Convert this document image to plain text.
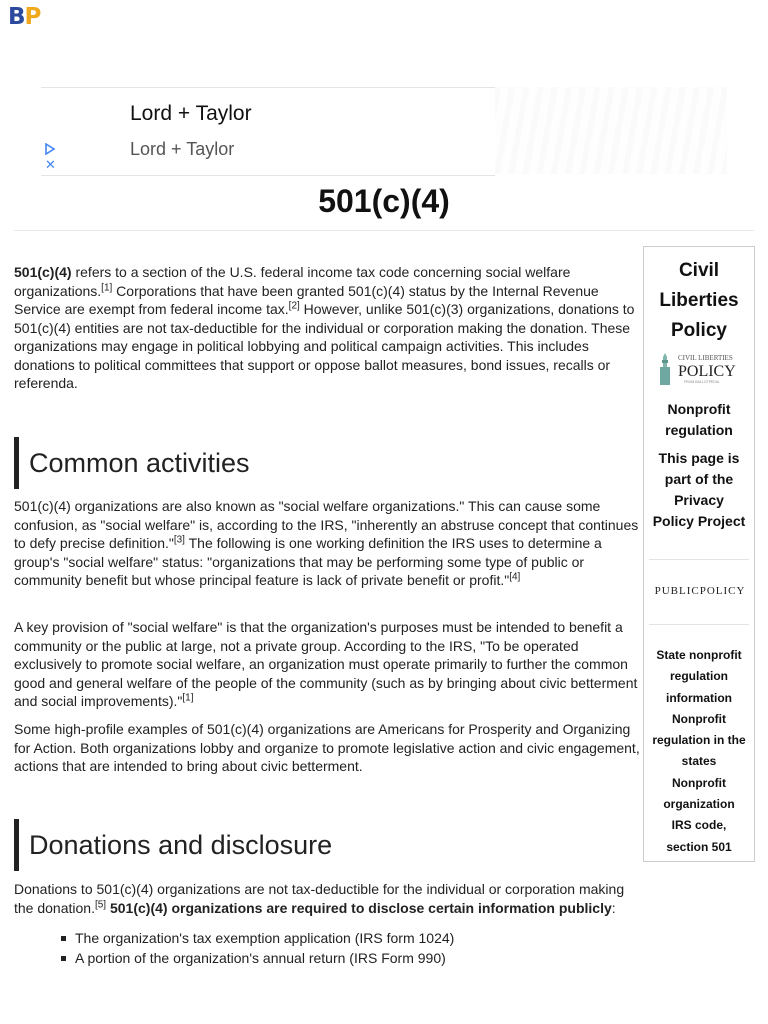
BP
Lord + Taylor
Lord + Taylor
✕
501(c)(4)

501(c)(4) refers to a section of the U.S. federal income tax code concerning social welfare organizations.[1] Corporations that have been granted 501(c)(4) status by the Internal Revenue Service are exempt from federal income tax.[2] However, unlike 501(c)(3) organizations, donations to 501(c)(4) entities are not tax-deductible for the individual or corporation making the donation. These organizations may engage in political lobbying and political campaign activities. This includes donations to political committees that support or oppose ballot measures, bond issues, recalls or referenda.

Common activities

501(c)(4) organizations are also known as "social welfare organizations." This can cause some confusion, as "social welfare" is, according to the IRS, "inherently an abstruse concept that continues to defy precise definition."[3] The following is one working definition the IRS uses to determine a group's "social welfare" status: "organizations that may be performing some type of public or community benefit but whose principal feature is lack of private benefit or profit."[4]

A key provision of "social welfare" is that the organization's purposes must be intended to benefit a community or the public at large, not a private group. According to the IRS, "To be operated exclusively to promote social welfare, an organization must operate primarily to further the common good and general welfare of the people of the community (such as by bringing about civic betterment and social improvements)."[1]

Some high-profile examples of 501(c)(4) organizations are Americans for Prosperity and Organizing for Action. Both organizations lobby and organize to promote legislative action and civic engagement, actions that are intended to bring about civic betterment.

Donations and disclosure

Donations to 501(c)(4) organizations are not tax-deductible for the individual or corporation making the donation.[5] 501(c)(4) organizations are required to disclose certain information publicly:

The organization's tax exemption application (IRS form 1024)
A portion of the organization's annual return (IRS Form 990)
Civil
Liberties
Policy
CIVIL LIBERTIES
POLICY
FROM BALLOTPEDIA
Nonprofit
regulation
This page is
part of the
Privacy
Policy Project
PUBLICPOLICY
State nonprofit
regulation
information
Nonprofit
regulation in the
states
Nonprofit
organization
IRS code,
section 501
